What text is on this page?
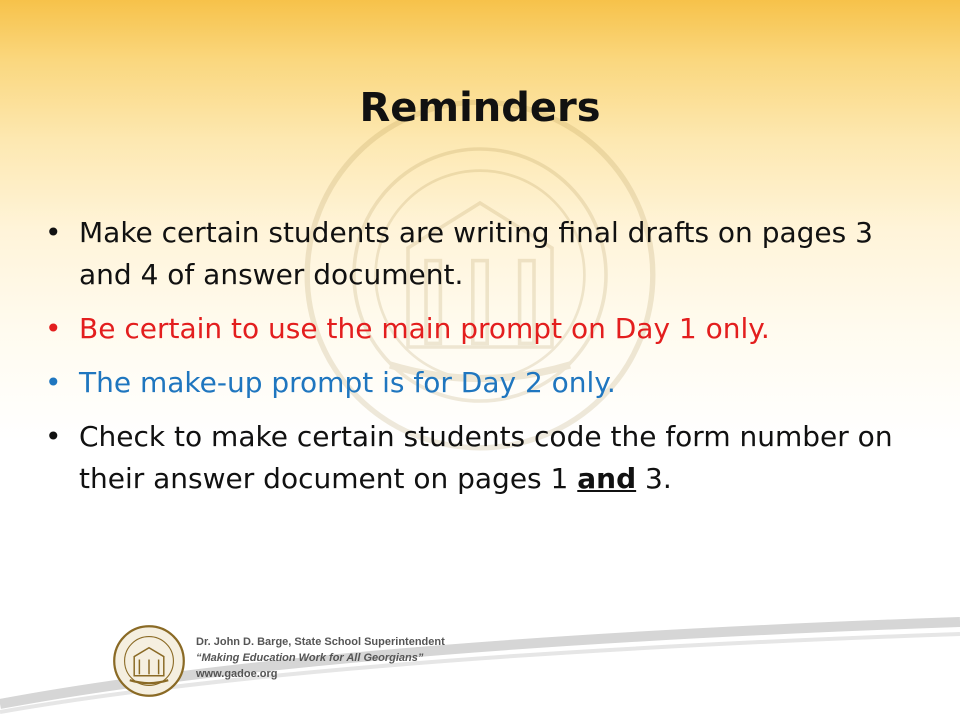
Reminders
• Make certain students are writing final drafts on pages 3 and 4 of answer document.
• Be certain to use the main prompt on Day 1 only.
• The make-up prompt is for Day 2 only.
• Check to make certain students code the form number on their answer document on pages 1 and 3.
Dr. John D. Barge, State School Superintendent
“Making Education Work for All Georgians”
www.gadoe.org
